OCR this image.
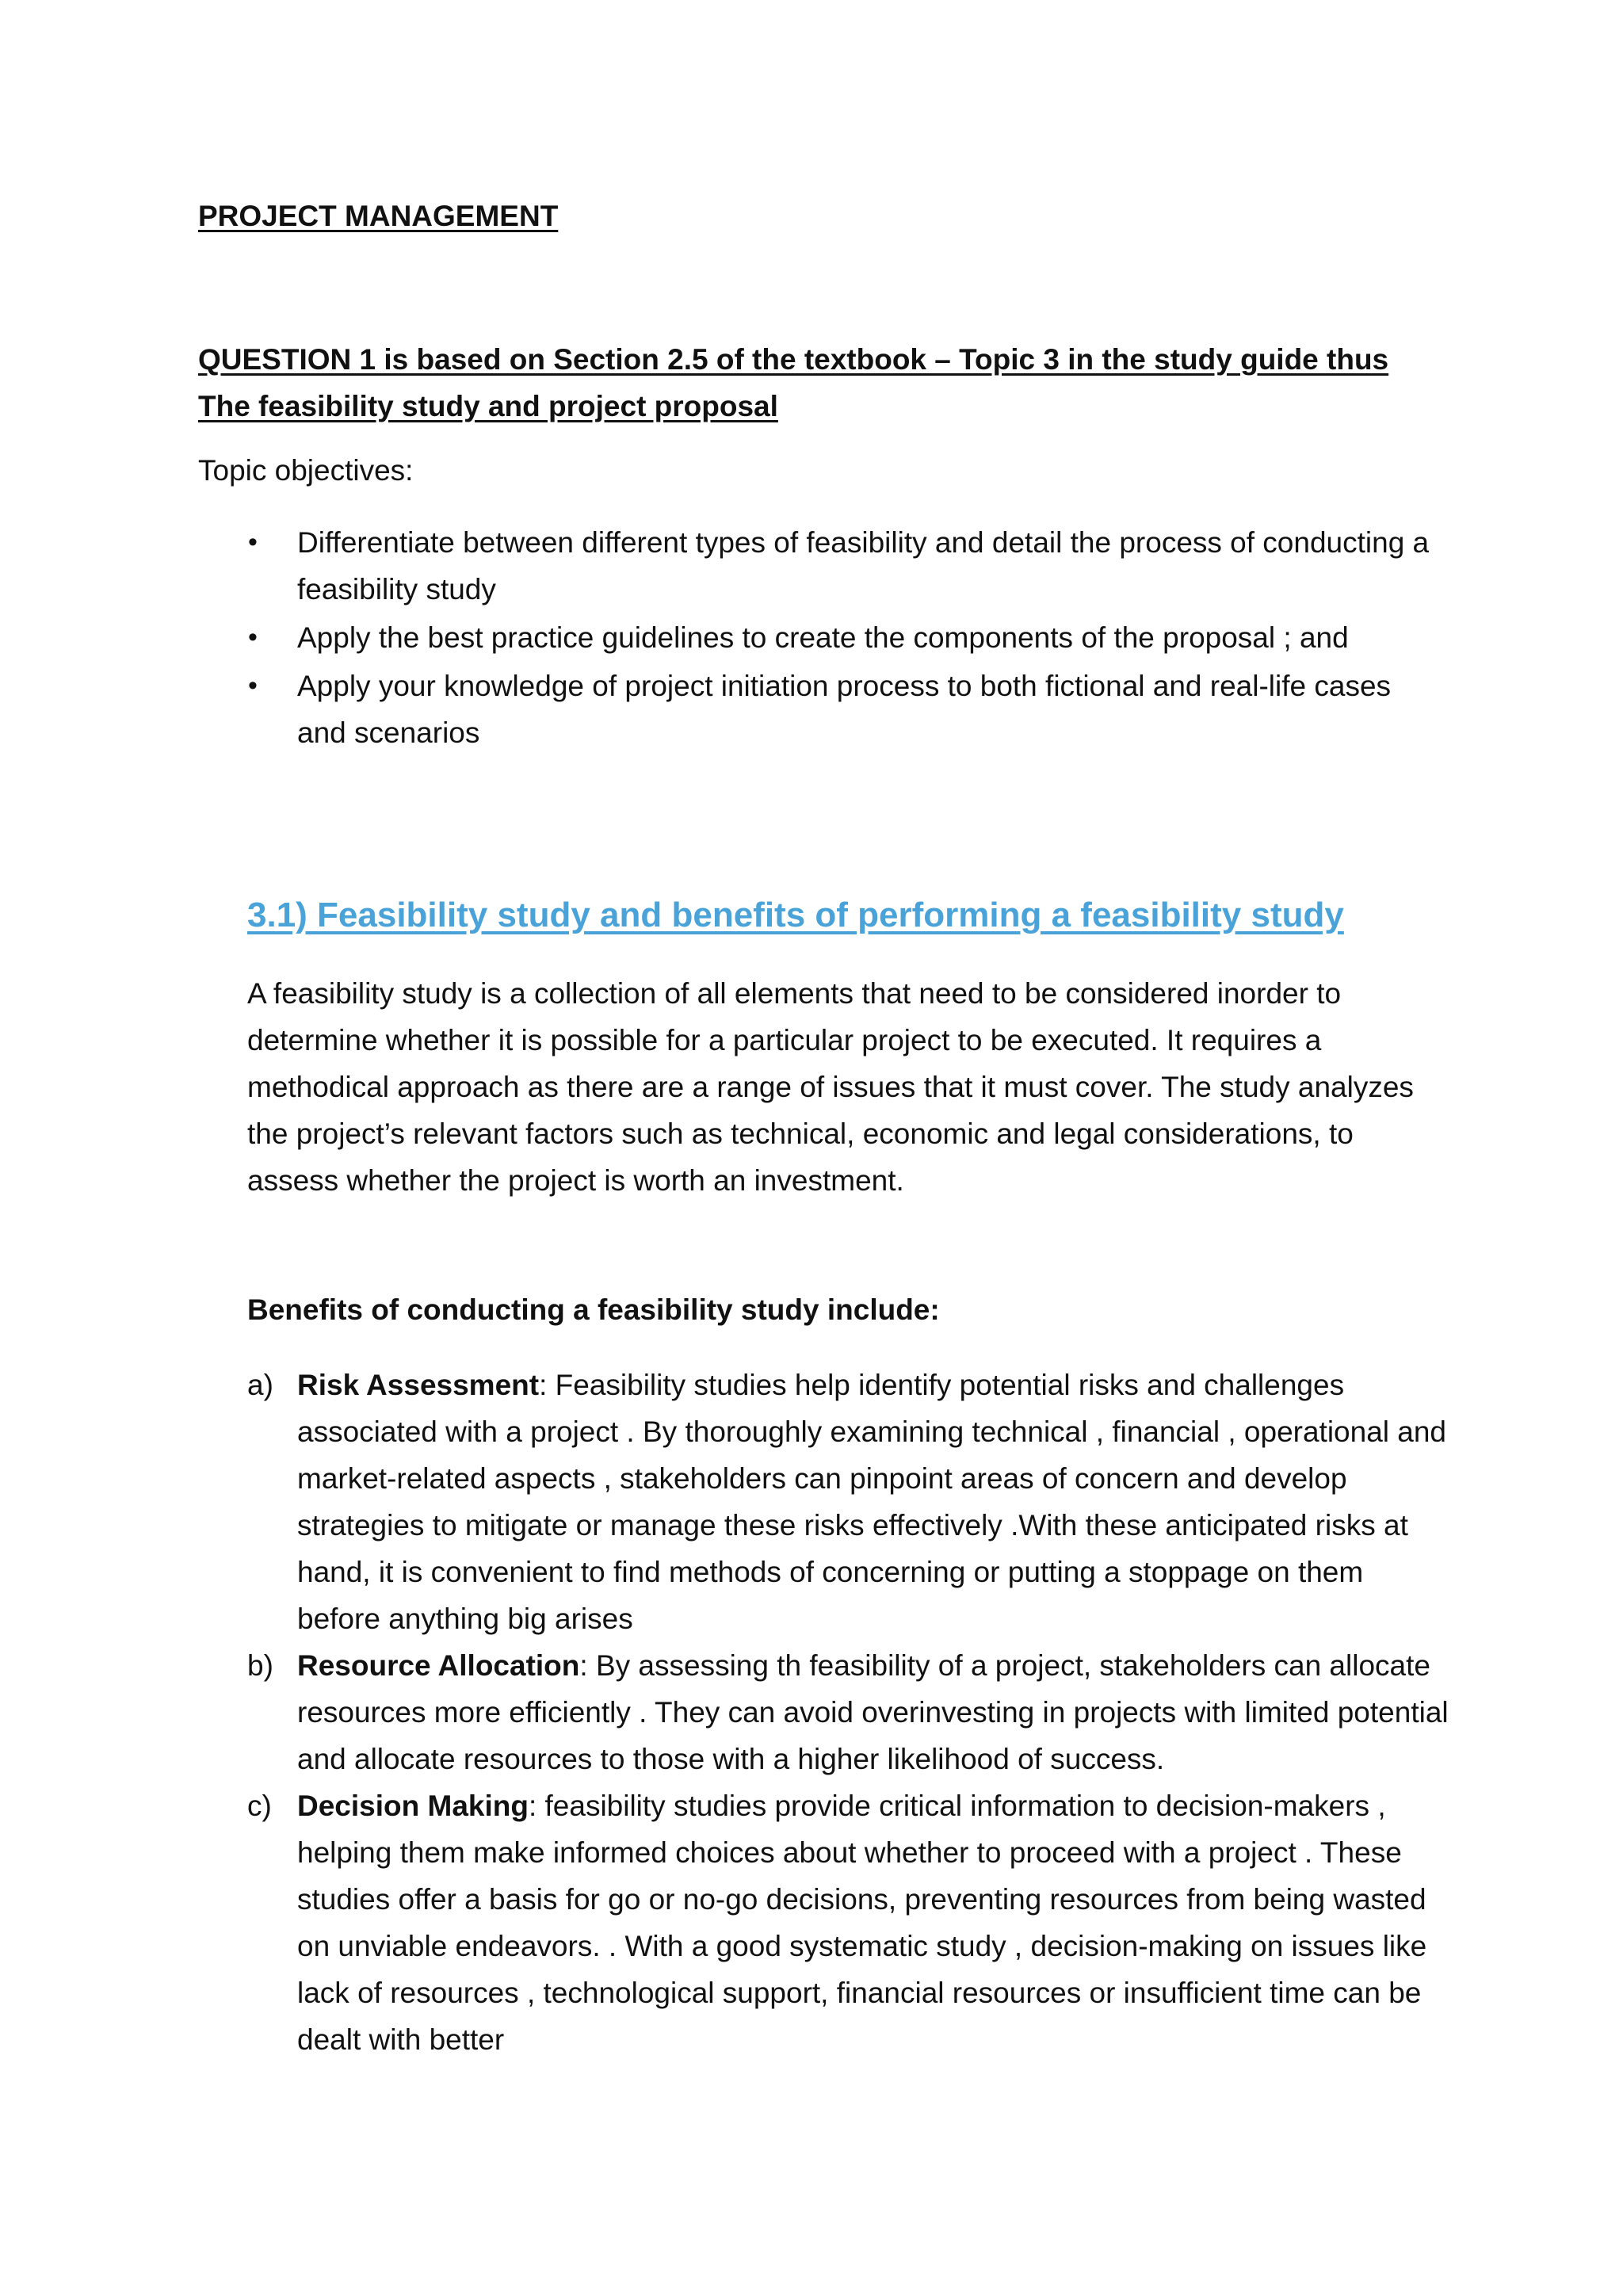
PROJECT MANAGEMENT
QUESTION 1 is based on Section 2.5 of the textbook – Topic 3 in the study guide thus The feasibility study and project proposal

Topic objectives:

• Differentiate between different types of feasibility and detail the process of conducting a feasibility study
• Apply the best practice guidelines to create the components of the proposal ; and
• Apply your knowledge of project initiation process to both fictional and real-life cases and scenarios
3.1) Feasibility study and benefits of performing a feasibility study

A feasibility study is a collection of all elements that need to be considered inorder to determine whether it is possible for a particular project to be executed. It requires a methodical approach as there are a range of issues that it must cover. The study analyzes the project’s relevant factors such as technical, economic and legal considerations, to assess whether the project is worth an investment.

Benefits of conducting a feasibility study include:

a) Risk Assessment: Feasibility studies help identify potential risks and challenges associated with a project . By thoroughly examining technical , financial , operational and market-related aspects , stakeholders can pinpoint areas of concern and develop strategies to mitigate or manage these risks effectively .With these anticipated risks at hand, it is convenient to find methods of concerning or putting a stoppage on them before anything big arises
b) Resource Allocation: By assessing th feasibility of a project, stakeholders can allocate resources more efficiently . They can avoid overinvesting in projects with limited potential and allocate resources to those with a higher likelihood of success.
c) Decision Making: feasibility studies provide critical information to decision-makers , helping them make informed choices about whether to proceed with a project . These studies offer a basis for go or no-go decisions, preventing resources from being wasted on unviable endeavors. . With a good systematic study , decision-making on issues like lack of resources , technological support, financial resources or insufficient time can be dealt with better
